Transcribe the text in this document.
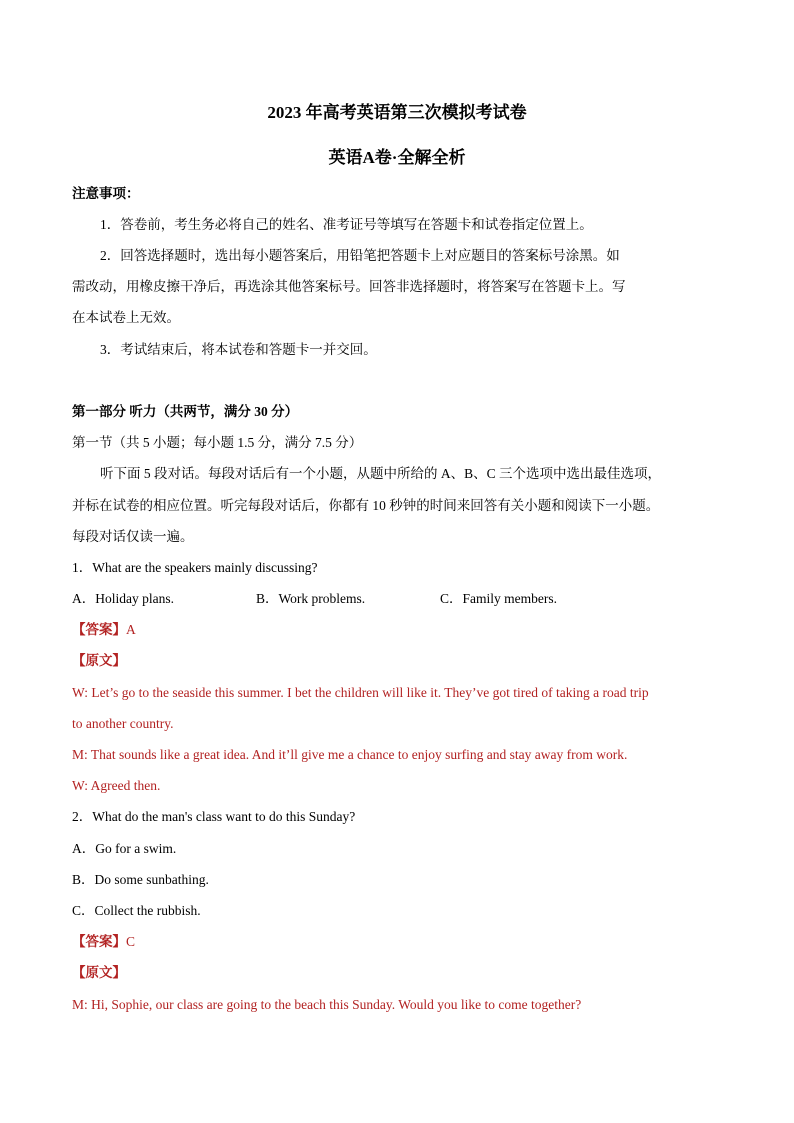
2023 年高考英语第三次模拟考试卷
英语A卷·全解全析
注意事项：
1．答卷前，考生务必将自己的姓名、准考证号等填写在答题卡和试卷指定位置上。
2．回答选择题时，选出每小题答案后，用铅笔把答题卡上对应题目的答案标号涂黑。如
需改动，用橡皮擦干净后，再选涂其他答案标号。回答非选择题时，将答案写在答题卡上。写
在本试卷上无效。
3．考试结束后，将本试卷和答题卡一并交回。
第一部分 听力（共两节，满分 30 分）
第一节（共 5 小题；每小题 1.5 分，满分 7.5 分）
听下面 5 段对话。每段对话后有一个小题，从题中所给的 A、B、C 三个选项中选出最佳选项，
并标在试卷的相应位置。听完每段对话后，你都有 10 秒钟的时间来回答有关小题和阅读下一小题。
每段对话仅读一遍。
1．What are the speakers mainly discussing?
A．Holiday plans.	B．Work problems.	C．Family members.
【答案】A
【原文】
W: Let’s go to the seaside this summer. I bet the children will like it. They’ve got tired of taking a road trip
to another country.
M: That sounds like a great idea. And it’ll give me a chance to enjoy surfing and stay away from work.
W: Agreed then.
2．What do the man's class want to do this Sunday?
A．Go for a swim.
B．Do some sunbathing.
C．Collect the rubbish.
【答案】C
【原文】
M: Hi, Sophie, our class are going to the beach this Sunday. Would you like to come together?
